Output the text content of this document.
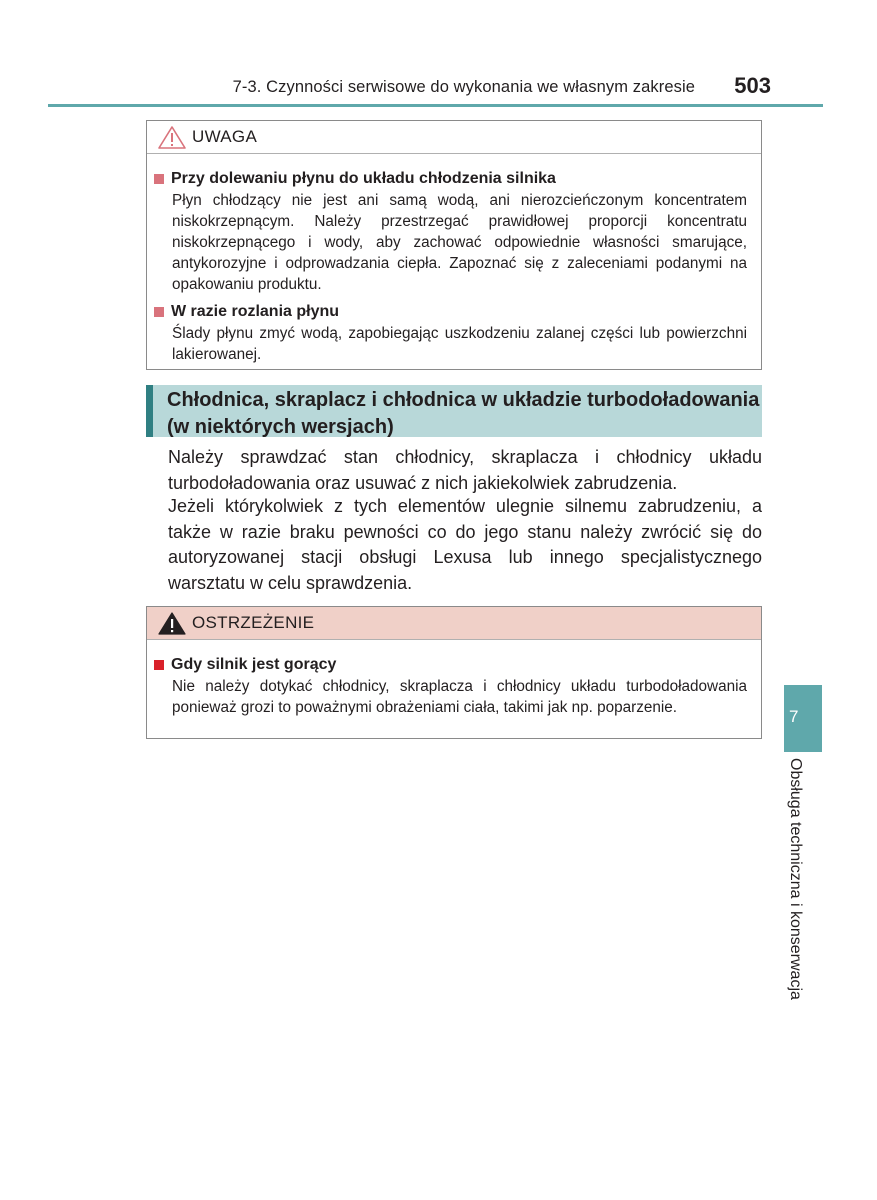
7-3. Czynności serwisowe do wykonania we własnym zakresie 503
UWAGA
Przy dolewaniu płynu do układu chłodzenia silnika
Płyn chłodzący nie jest ani samą wodą, ani nierozcieńczonym koncentratem niskokrzepnącym. Należy przestrzegać prawidłowej proporcji koncentratu niskokrzepnącego i wody, aby zachować odpowiednie własności smarujące, antykorozyjne i odprowadzania ciepła. Zapoznać się z zaleceniami podanymi na opakowaniu produktu.
W razie rozlania płynu
Ślady płynu zmyć wodą, zapobiegając uszkodzeniu zalanej części lub powierzchni lakierowanej.
Chłodnica, skraplacz i chłodnica w układzie turbodoładowania
(w niektórych wersjach)
Należy sprawdzać stan chłodnicy, skraplacza i chłodnicy układu turbodoładowania oraz usuwać z nich jakiekolwiek zabrudzenia.
Jeżeli którykolwiek z tych elementów ulegnie silnemu zabrudzeniu, a także w razie braku pewności co do jego stanu należy zwrócić się do autoryzowanej stacji obsługi Lexusa lub innego specjalistycznego warsztatu w celu sprawdzenia.
OSTRZEŻENIE
Gdy silnik jest gorący
Nie należy dotykać chłodnicy, skraplacza i chłodnicy układu turbodoładowania ponieważ grozi to poważnymi obrażeniami ciała, takimi jak np. poparzenie.	7
Obsługa techniczna i konserwacja
